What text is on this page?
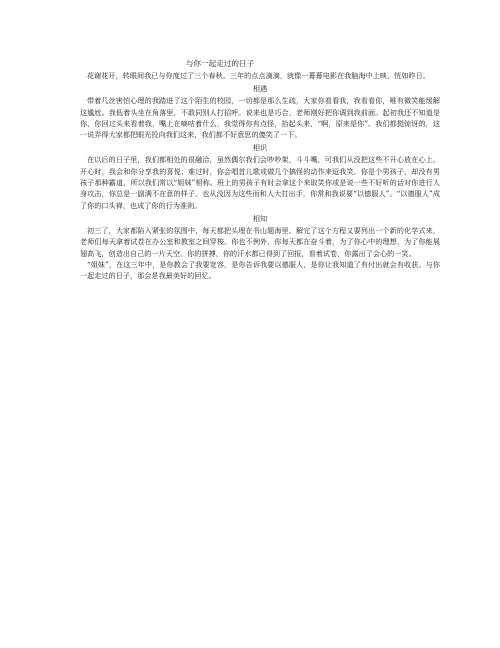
与你一起走过的日子

花谢花开，转眼间我已与你度过了三个春秋。三年的点点滴滴，就像一幕幕电影在我脑海中上映，恍如昨日。

相遇

带着几丝害怕心理的我踏进了这个陌生的校园，一切都是那么生疏，大家你看看我，我看看你，唯有微笑能缓解这尴尬。我低着头坐在角落里，不敢同别人打招呼。说来也是巧合，老师刚好把你调到我前面。起初我还不知道是你，你回过头来看着我，嘴上在嘀咕着什么，我觉得你有点怪，抬起头来，“啊，原来是你”。我们都挺惊讶的，这一说弄得大家都把眼光投向我们这来，我们都不好意思的傻笑了一下。

相识

在以后的日子里，我们都相处的很融洽，虽然偶尔我们会吵吵架，斗斗嘴，可我们从没把这些不开心放在心上。开心时，我会和你分享我的喜悦；难过时，你会唱首儿歌或做几个搞怪的动作来逗我笑。你是个男孩子，却没有男孩子那种霸道，所以我们常以“姐妹”相称。班上的男孩子有时会拿这个来取笑你或是说一些不好听的话对你进行人身攻击，你总是一副满不在意的样子，也从没因为这些而和人大打出手，你常和我说要“以德服人”。“以德服人”成了你的口头禅，也成了你的行为准则。

相知

初三了，大家都陷入紧张的氛围中，每天都把头埋在书山题海里。解完了这个方程又要列出一个新的化学式来，老师们每天拿着试卷在办公室和教室之间穿梭。你也不例外，你每天都在奋斗着，为了你心中的理想，为了你能展翅高飞，创造出自己的一片天空。你的拼搏，你的汗水都已得到了回报，看着试卷，你露出了会心的一笑。

“姐妹”，在这三年中，是你教会了我要宽容，是你告诉我要以德服人，是你让我知道了有付出就会有收获。与你一起走过的日子，那会是我最美好的回忆。
